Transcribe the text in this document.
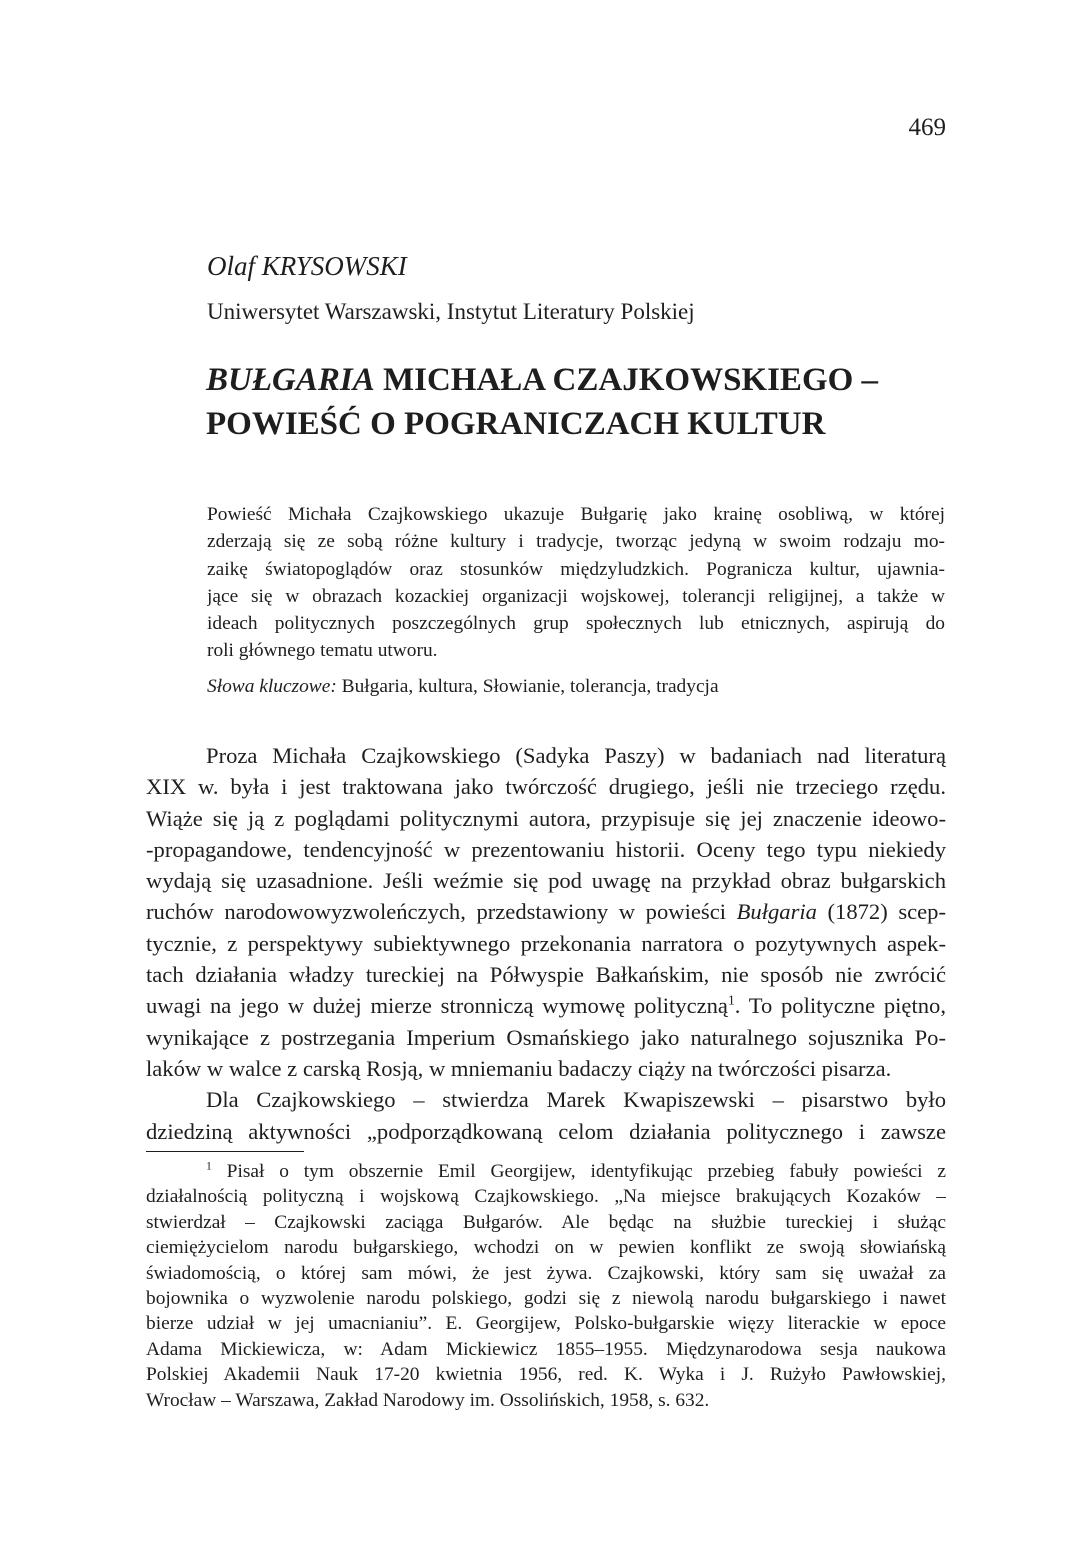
469
Olaf KRYSOWSKI
Uniwersytet Warszawski, Instytut Literatury Polskiej
BUŁGARIA MICHAŁA CZAJKOWSKIEGO –
POWIEŚĆ O POGRANICZACH KULTUR
Powieść Michała Czajkowskiego ukazuje Bułgarię jako krainę osobliwą, w której
zderzają się ze sobą różne kultury i tradycje, tworząc jedyną w swoim rodzaju mo-
zaikę światopoglądów oraz stosunków międzyludzkich. Pogranicza kultur, ujawnia-
jące się w obrazach kozackiej organizacji wojskowej, tolerancji religijnej, a także w
ideach politycznych poszczególnych grup społecznych lub etnicznych, aspirują do
roli głównego tematu utworu.
Słowa kluczowe: Bułgaria, kultura, Słowianie, tolerancja, tradycja
Proza Michała Czajkowskiego (Sadyka Paszy) w badaniach nad literaturą
XIX w. była i jest traktowana jako twórczość drugiego, jeśli nie trzeciego rzędu.
Wiąże się ją z poglądami politycznymi autora, przypisuje się jej znaczenie ideowo-
-propagandowe, tendencyjność w prezentowaniu historii. Oceny tego typu niekiedy
wydają się uzasadnione. Jeśli weźmie się pod uwagę na przykład obraz bułgarskich
ruchów narodowowyzwoleńczych, przedstawiony w powieści Bułgaria (1872) scep-
tycznie, z perspektywy subiektywnego przekonania narratora o pozytywnych aspek-
tach działania władzy tureckiej na Półwyspie Bałkańskim, nie sposób nie zwrócić
uwagi na jego w dużej mierze stronniczą wymowę polityczną$^1$. To polityczne piętno,
wynikające z postrzegania Imperium Osmańskiego jako naturalnego sojusznika Po-
laków w walce z carską Rosją, w mniemaniu badaczy ciąży na twórczości pisarza.
Dla Czajkowskiego – stwierdza Marek Kwapiszewski – pisarstwo było
dziedziną aktywności „podporządkowaną celom działania politycznego i zawsze
$^1$ Pisał o tym obszernie Emil Georgijew, identyfikując przebieg fabuły powieści z
działalnością polityczną i wojskową Czajkowskiego. „Na miejsce brakujących Kozaków –
stwierdzał – Czajkowski zaciąga Bułgarów. Ale będąc na służbie tureckiej i służąc
ciemiężycielom narodu bułgarskiego, wchodzi on w pewien konflikt ze swoją słowiańską
świadomością, o której sam mówi, że jest żywa. Czajkowski, który sam się uważał za
bojownika o wyzwolenie narodu polskiego, godzi się z niewolą narodu bułgarskiego i nawet
bierze udział w jej umacnianiu”. E. Georgijew, Polsko-bułgarskie więzy literackie w epoce
Adama Mickiewicza, w: Adam Mickiewicz 1855–1955. Międzynarodowa sesja naukowa
Polskiej Akademii Nauk 17-20 kwietnia 1956, red. K. Wyka i J. Rużyło Pawłowskiej,
Wrocław – Warszawa, Zakład Narodowy im. Ossolińskich, 1958, s. 632.
